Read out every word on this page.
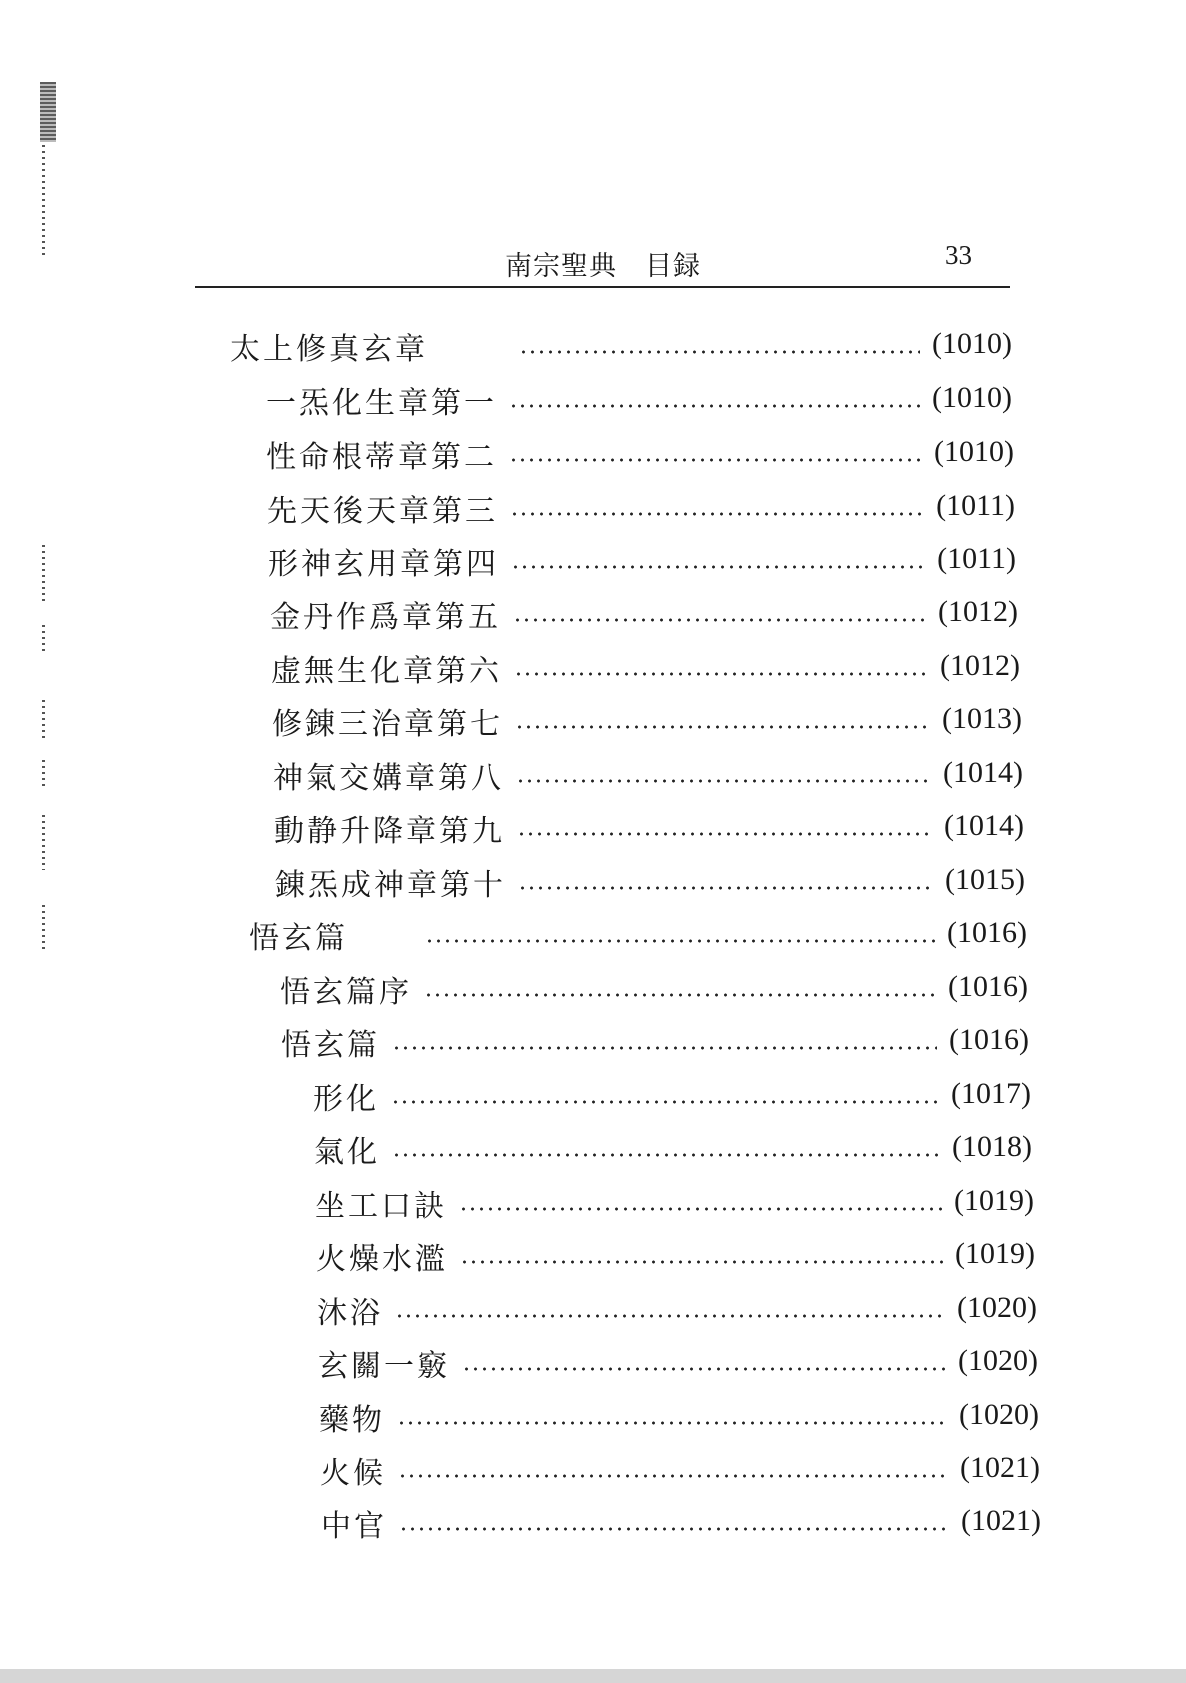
南宗聖典　目録	33
太上修真玄章	(1010)
一炁化生章第一	(1010)
性命根蒂章第二	(1010)
先天後天章第三	(1011)
形神玄用章第四	(1011)
金丹作爲章第五	(1012)
虚無生化章第六	(1012)
修錬三治章第七	(1013)
神氣交媾章第八	(1014)
動静升降章第九	(1014)
錬炁成神章第十	(1015)
悟玄篇	(1016)
悟玄篇序	(1016)
悟玄篇	(1016)
形化	(1017)
氣化	(1018)
坐工口訣	(1019)
火燥水濫	(1019)
沐浴	(1020)
玄關一竅	(1020)
藥物	(1020)
火候	(1021)
中官	(1021)
